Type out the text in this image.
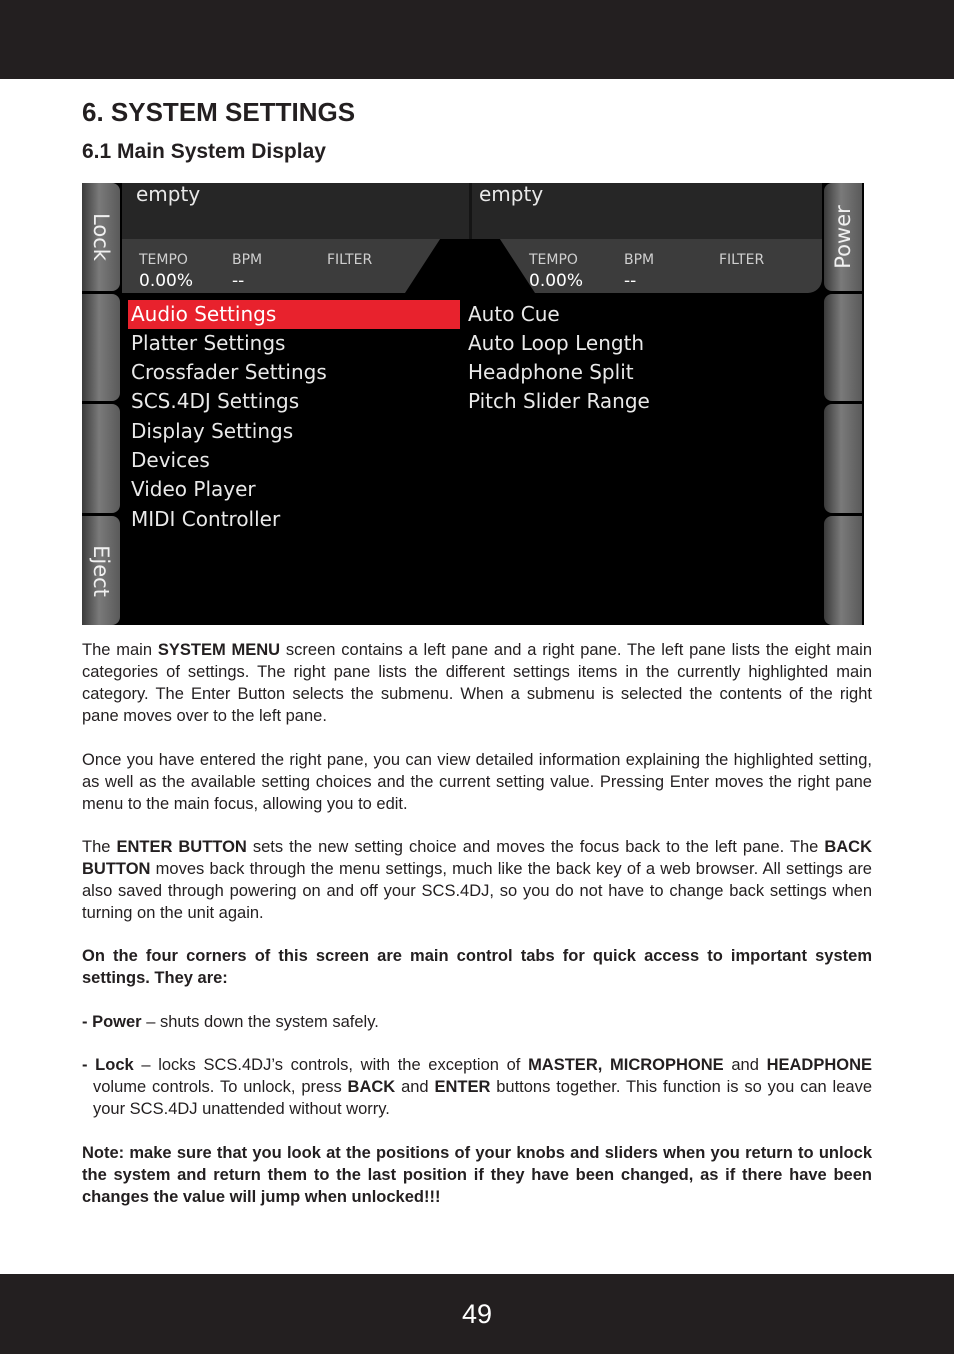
6. SYSTEM SETTINGS
6.1 Main System Display
Lock
Eject
Power
empty
TEMPO
0.00%
BPM
--
FILTER
empty
TEMPO
0.00%
BPM
--
FILTER
Audio Settings
Platter Settings
Crossfader Settings
SCS.4DJ Settings
Display Settings
Devices
Video Player
MIDI Controller
Auto Cue
Auto Loop Length
Headphone Split
Pitch Slider Range

The main SYSTEM MENU screen contains a left pane and a right pane. The left pane lists the eight main categories of settings. The right pane lists the different settings items in the currently highlighted main category. The Enter Button selects the submenu. When a submenu is selected the contents of the right pane moves over to the left pane.

Once you have entered the right pane, you can view detailed information explaining the highlighted setting, as well as the available setting choices and the current setting value. Pressing Enter moves the right pane menu to the main focus, allowing you to edit.

The ENTER BUTTON sets the new setting choice and moves the focus back to the left pane. The BACK BUTTON moves back through the menu settings, much like the back key of a web browser. All settings are also saved through powering on and off your SCS.4DJ, so you do not have to change back settings when turning on the unit again.

On the four corners of this screen are main control tabs for quick access to important system settings. They are:

- Power – shuts down the system safely.

- Lock – locks SCS.4DJ’s controls, with the exception of MASTER, MICROPHONE and HEADPHONE volume controls. To unlock, press BACK and ENTER buttons together. This function is so you can leave your SCS.4DJ unattended without worry.

Note: make sure that you look at the positions of your knobs and sliders when you return to unlock the system and return them to the last position if they have been changed, as if there have been changes the value will jump when unlocked!!!

49
